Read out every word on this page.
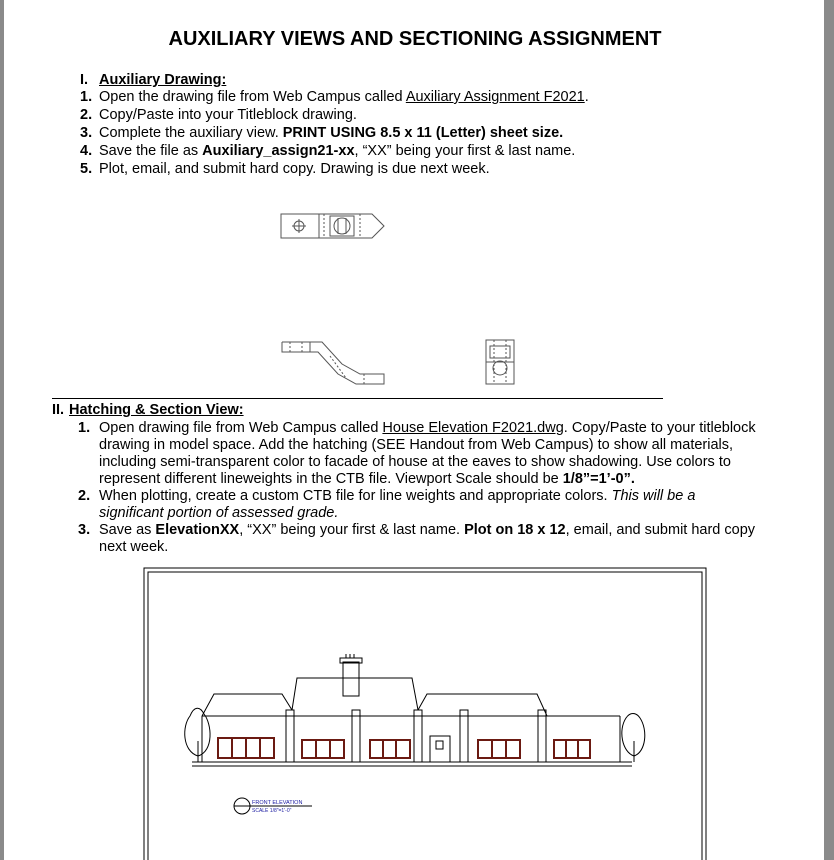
AUXILIARY VIEWS AND SECTIONING ASSIGNMENT
I. Auxiliary Drawing:
1. Open the drawing file from Web Campus called Auxiliary Assignment F2021.
2. Copy/Paste into your Titleblock drawing.
3. Complete the auxiliary view. PRINT USING 8.5 x 11 (Letter) sheet size.
4. Save the file as Auxiliary_assign21-xx, “XX” being your first & last name.
5. Plot, email, and submit hard copy. Drawing is due next week.
II. Hatching & Section View:
1. Open drawing file from Web Campus called House Elevation F2021.dwg. Copy/Paste to your titleblock
drawing in model space. Add the hatching (SEE Handout from Web Campus) to show all materials,
including semi-transparent color to facade of house at the eaves to show shadowing. Use colors to
represent different lineweights in the CTB file. Viewport Scale should be 1/8”=1’-0”.
2. When plotting, create a custom CTB file for line weights and appropriate colors. This will be a
significant portion of assessed grade.
3. Save as ElevationXX, “XX” being your first & last name. Plot on 18 x 12, email, and submit hard copy
next week.
FRONT ELEVATION
SCALE 1/8"=1'-0"
